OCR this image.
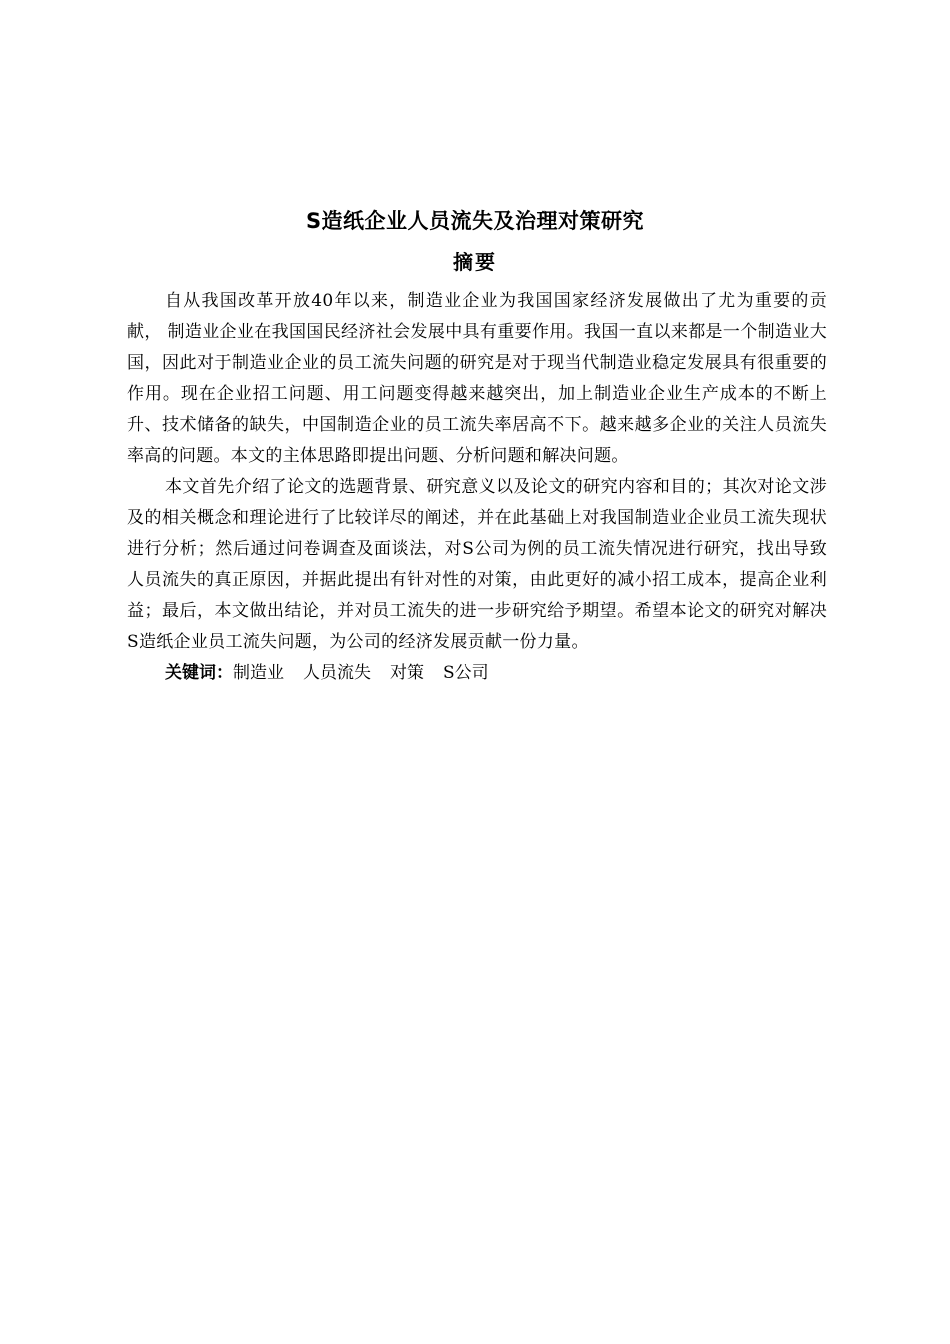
S造纸企业人员流失及治理对策研究
摘要

自从我国改革开放40年以来，制造业企业为我国国家经济发展做出了尤为重要的贡献， 制造业企业在我国国民经济社会发展中具有重要作用。我国一直以来都是一个制造业大国，因此对于制造业企业的员工流失问题的研究是对于现当代制造业稳定发展具有很重要的作用。现在企业招工问题、用工问题变得越来越突出，加上制造业企业生产成本的不断上升、技术储备的缺失，中国制造企业的员工流失率居高不下。越来越多企业的关注人员流失率高的问题。本文的主体思路即提出问题、分析问题和解决问题。

本文首先介绍了论文的选题背景、研究意义以及论文的研究内容和目的；其次对论文涉及的相关概念和理论进行了比较详尽的阐述，并在此基础上对我国制造业企业员工流失现状进行分析；然后通过问卷调查及面谈法，对S公司为例的员工流失情况进行研究，找出导致人员流失的真正原因，并据此提出有针对性的对策，由此更好的减小招工成本，提高企业利益；最后，本文做出结论，并对员工流失的进一步研究给予期望。希望本论文的研究对解决S造纸企业员工流失问题，为公司的经济发展贡献一份力量。

关键词：制造业 人员流失 对策 S公司
